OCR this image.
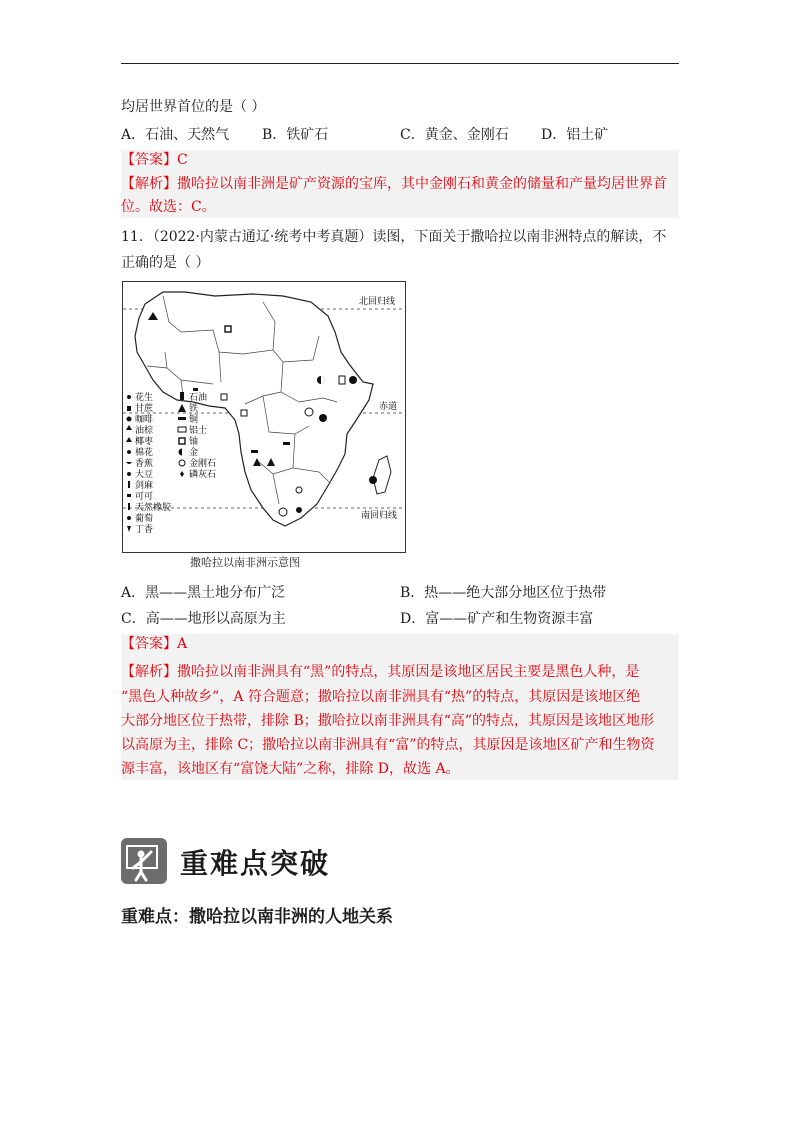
均居世界首位的是（ ）
A．石油、天然气 B．铁矿石	C．黄金、金刚石 D．铝土矿
【答案】C
【解析】撒哈拉以南非洲是矿产资源的宝库，其中金刚石和黄金的储量和产量均居世界首
位。故选：C。
11．（2022·内蒙古通辽·统考中考真题）读图，下面关于撒哈拉以南非洲特点的解读，不
正确的是（ ）
北回归线
赤道
南回归线
花生
甘蔗
咖啡
油棕
椰枣
棉花
香蕉
大豆
剑麻
可可
天然橡胶
葡萄
丁香
石油
铁
铜
铝土
铀
金
金刚石
磷灰石
撒哈拉以南非洲示意图
A．黑——黑土地分布广泛	B．热——绝大部分地区位于热带
C．高——地形以高原为主	D．富——矿产和生物资源丰富
【答案】A
【解析】撒哈拉以南非洲具有“黑”的特点，其原因是该地区居民主要是黑色人种，是
“黑色人种故乡”，A 符合题意；撒哈拉以南非洲具有“热”的特点，其原因是该地区绝
大部分地区位于热带，排除 B；撒哈拉以南非洲具有“高”的特点，其原因是该地区地形
以高原为主，排除 C；撒哈拉以南非洲具有“富”的特点，其原因是该地区矿产和生物资
源丰富，该地区有“富饶大陆”之称，排除 D，故选 A。
重难点突破
重难点：撒哈拉以南非洲的人地关系
